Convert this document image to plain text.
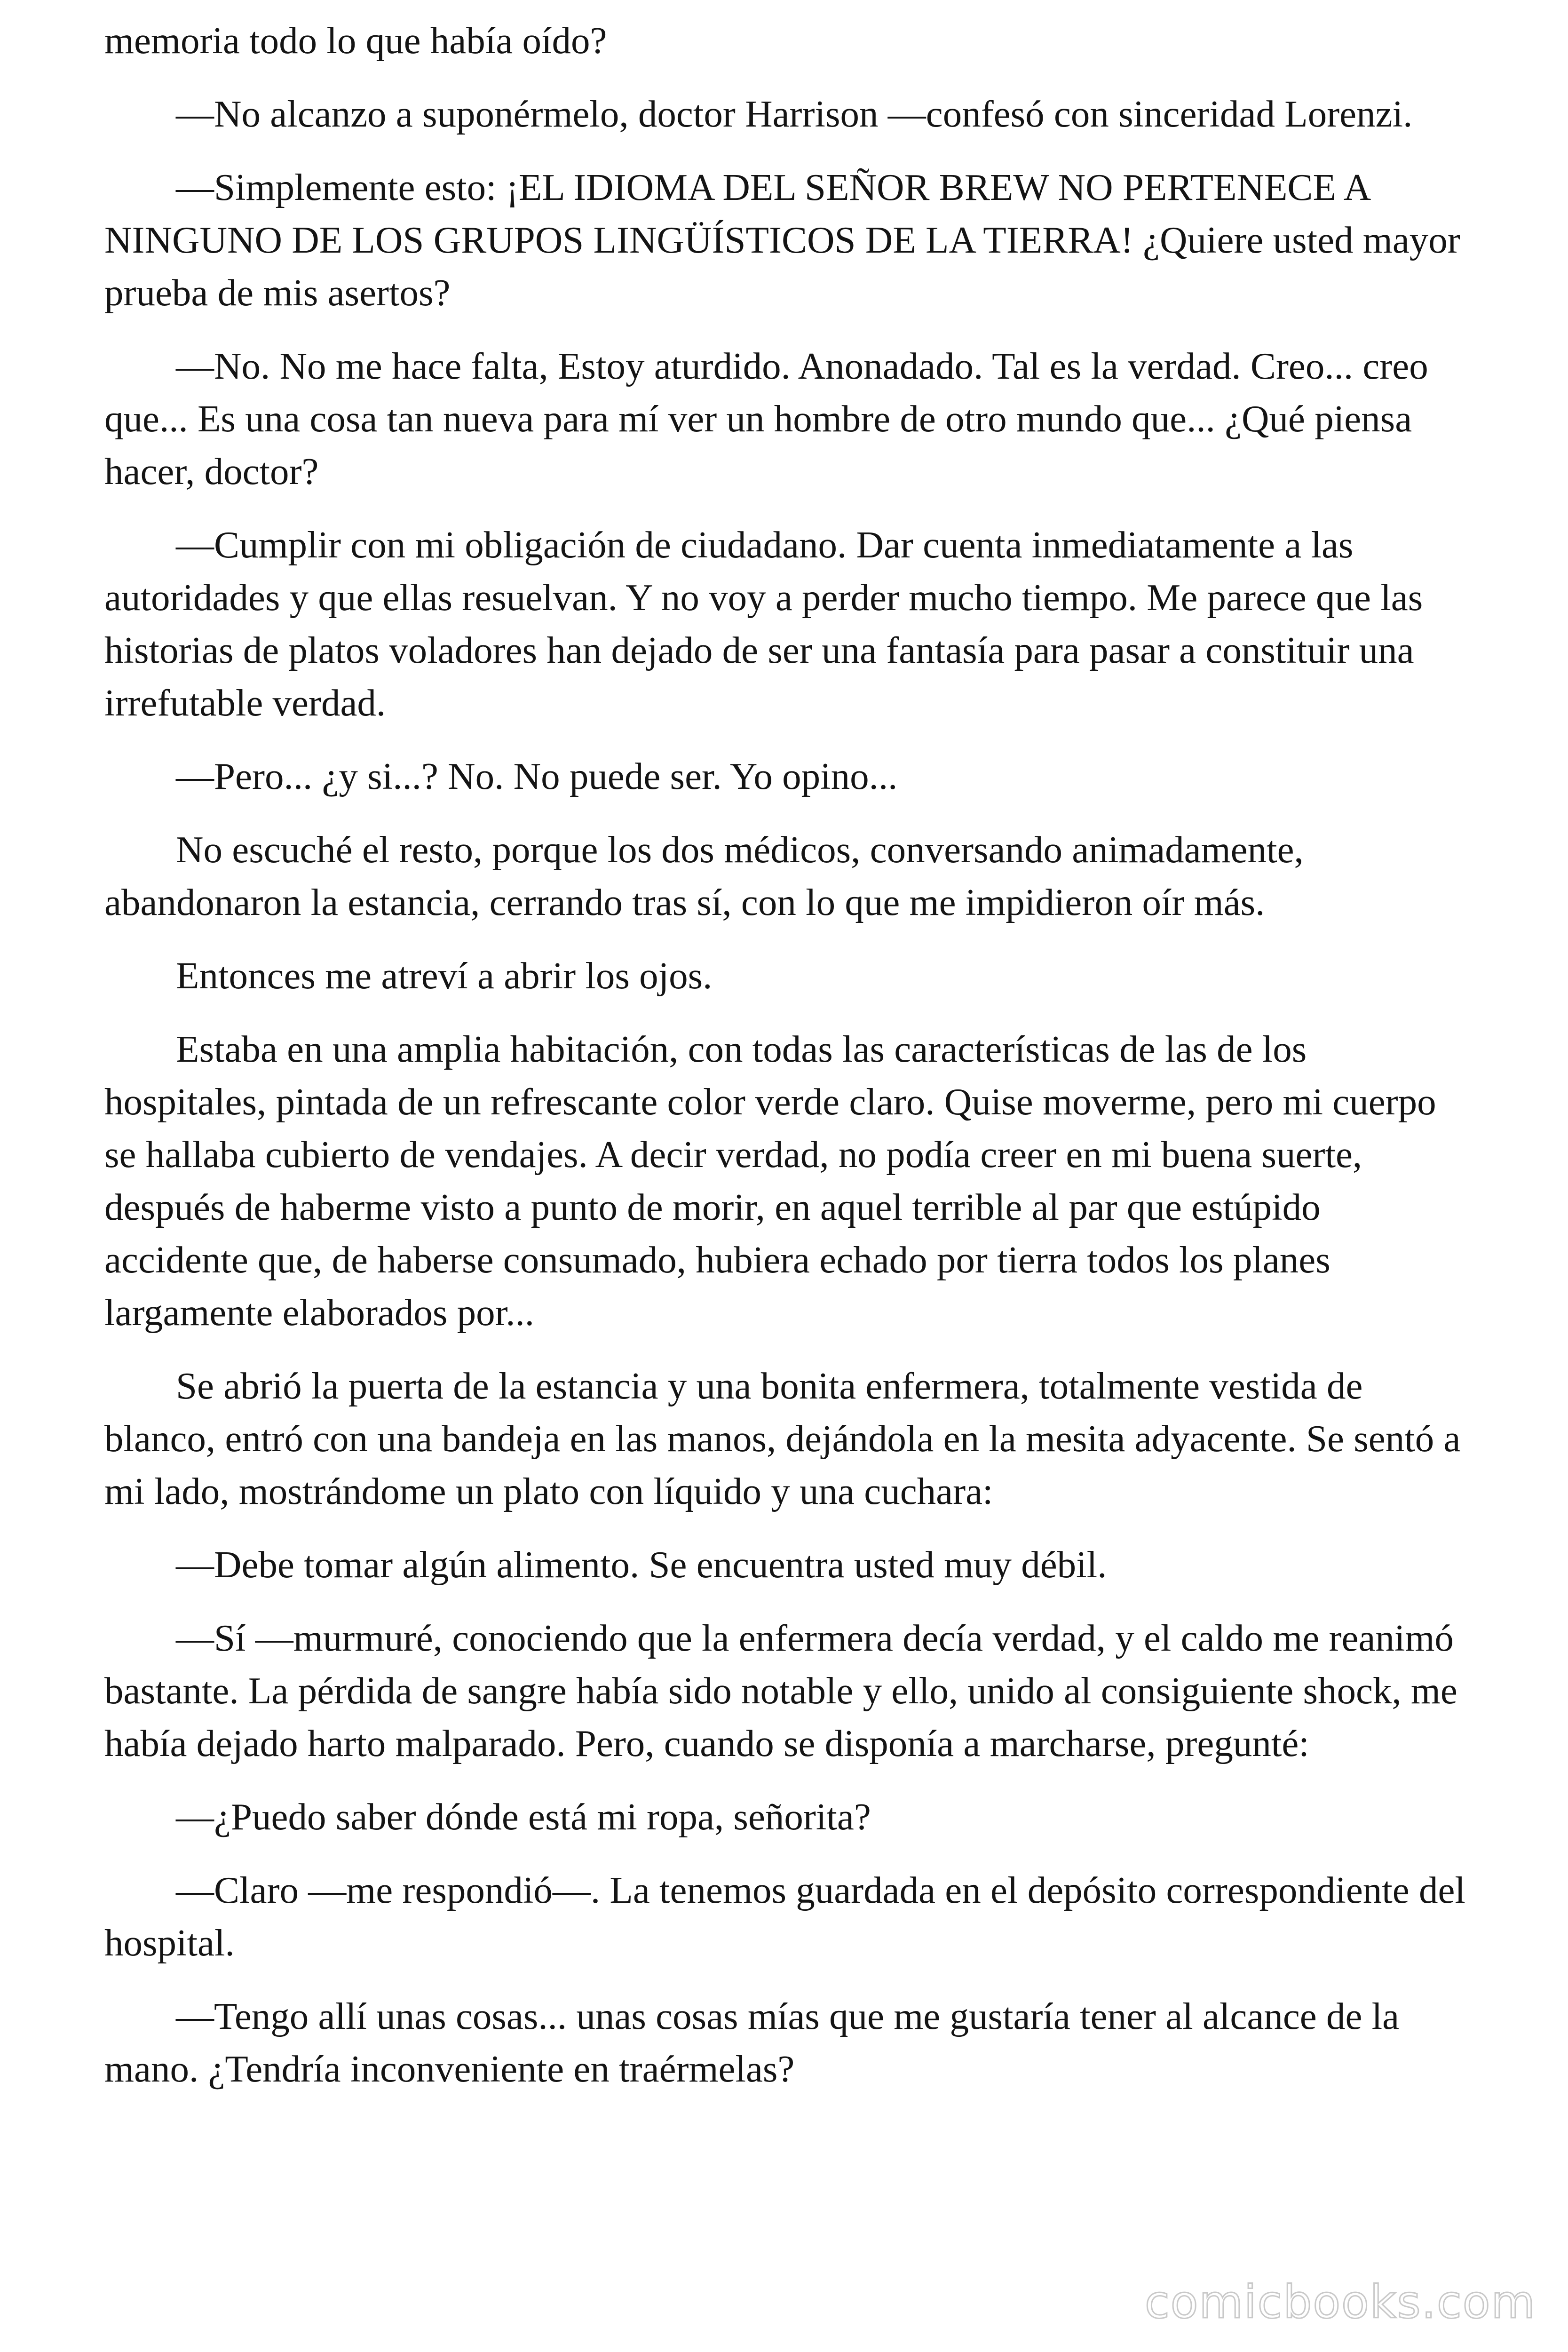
memoria todo lo que había oído?

—No alcanzo a suponérmelo, doctor Harrison —confesó con sinceridad Lorenzi.

—Simplemente esto: ¡EL IDIOMA DEL SEÑOR BREW NO PERTENECE A NINGUNO DE LOS GRUPOS LINGÜÍSTICOS DE LA TIERRA! ¿Quiere usted mayor prueba de mis asertos?

—No. No me hace falta, Estoy aturdido. Anonadado. Tal es la verdad. Creo... creo que... Es una cosa tan nueva para mí ver un hombre de otro mundo que... ¿Qué piensa hacer, doctor?

—Cumplir con mi obligación de ciudadano. Dar cuenta inmediatamente a las autoridades y que ellas resuelvan. Y no voy a perder mucho tiempo. Me parece que las historias de platos voladores han dejado de ser una fantasía para pasar a constituir una irrefutable verdad.

—Pero... ¿y si...? No. No puede ser. Yo opino...

No escuché el resto, porque los dos médicos, conversando animadamente, abandonaron la estancia, cerrando tras sí, con lo que me impidieron oír más.

Entonces me atreví a abrir los ojos.

Estaba en una amplia habitación, con todas las características de las de los hospitales, pintada de un refrescante color verde claro. Quise moverme, pero mi cuerpo se hallaba cubierto de vendajes. A decir verdad, no podía creer en mi buena suerte, después de haberme visto a punto de morir, en aquel terrible al par que estúpido accidente que, de haberse consumado, hubiera echado por tierra todos los planes largamente elaborados por...

Se abrió la puerta de la estancia y una bonita enfermera, totalmente vestida de blanco, entró con una bandeja en las manos, dejándola en la mesita adyacente. Se sentó a mi lado, mostrándome un plato con líquido y una cuchara:

—Debe tomar algún alimento. Se encuentra usted muy débil.

—Sí —murmuré, conociendo que la enfermera decía verdad, y el caldo me reanimó bastante. La pérdida de sangre había sido notable y ello, unido al consiguiente shock, me había dejado harto malparado. Pero, cuando se disponía a marcharse, pregunté:

—¿Puedo saber dónde está mi ropa, señorita?

—Claro —me respondió—. La tenemos guardada en el depósito correspondiente del hospital.

—Tengo allí unas cosas... unas cosas mías que me gustaría tener al alcance de la mano. ¿Tendría inconveniente en traérmelas?

comicbooks.com
